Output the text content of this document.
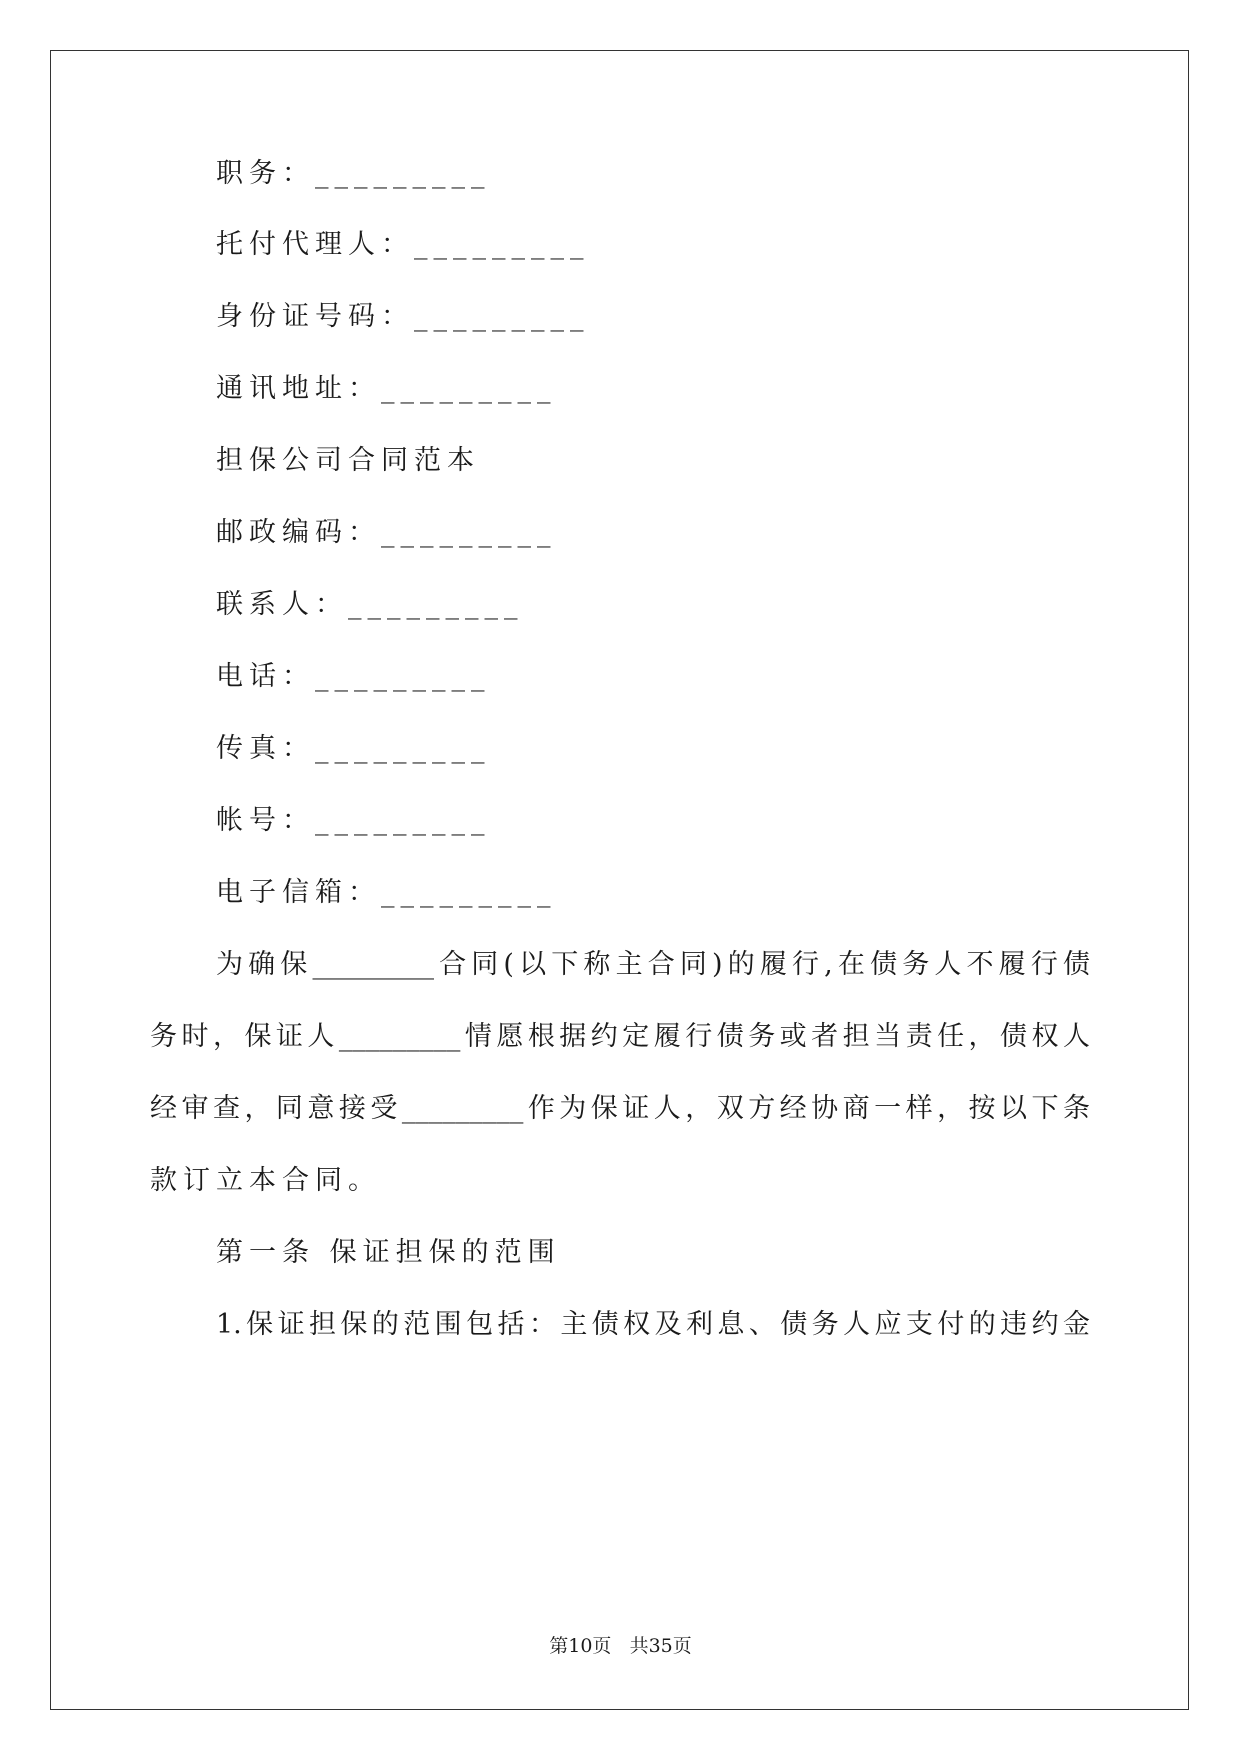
职务：_________
托付代理人：_________
身份证号码：_________
通讯地址：_________
担保公司合同范本
邮政编码：_________
联系人：_________
电话：_________
传真：_________
帐号：_________
电子信箱：_________
为确保_________合同(以下称主合同)的履行,在债务人不履行债
务时，保证人_________情愿根据约定履行债务或者担当责任，债权人
经审查，同意接受_________作为保证人，双方经协商一样，按以下条
款订立本合同。
第一条 保证担保的范围
1.保证担保的范围包括：主债权及利息、债务人应支付的违约金
第10页 共35页
